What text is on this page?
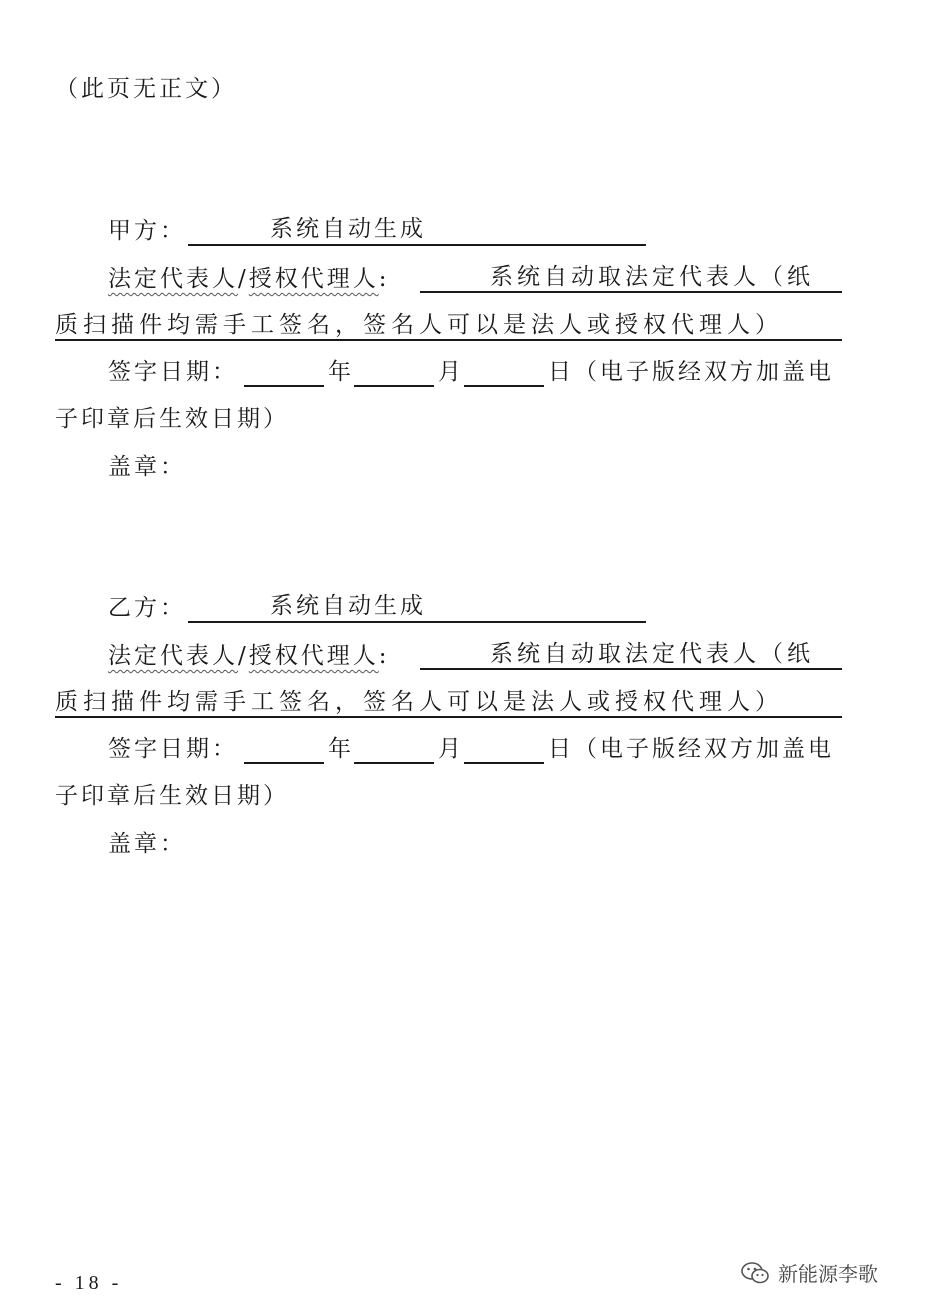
（此页无正文）
甲方：	系统自动生成
法定代表人/授权代理人:	系统自动取法定代表人（纸
质扫描件均需手工签名，签名人可以是法人或授权代理人）
签字日期：	年	月	日 （电子版经双方加盖电
子印章后生效日期）
盖章：
乙方：	系统自动生成
法定代表人/授权代理人:	系统自动取法定代表人（纸
质扫描件均需手工签名，签名人可以是法人或授权代理人）
签字日期：	年	月	日 （电子版经双方加盖电
子印章后生效日期）
盖章：
- 18 -	新能源李歌
